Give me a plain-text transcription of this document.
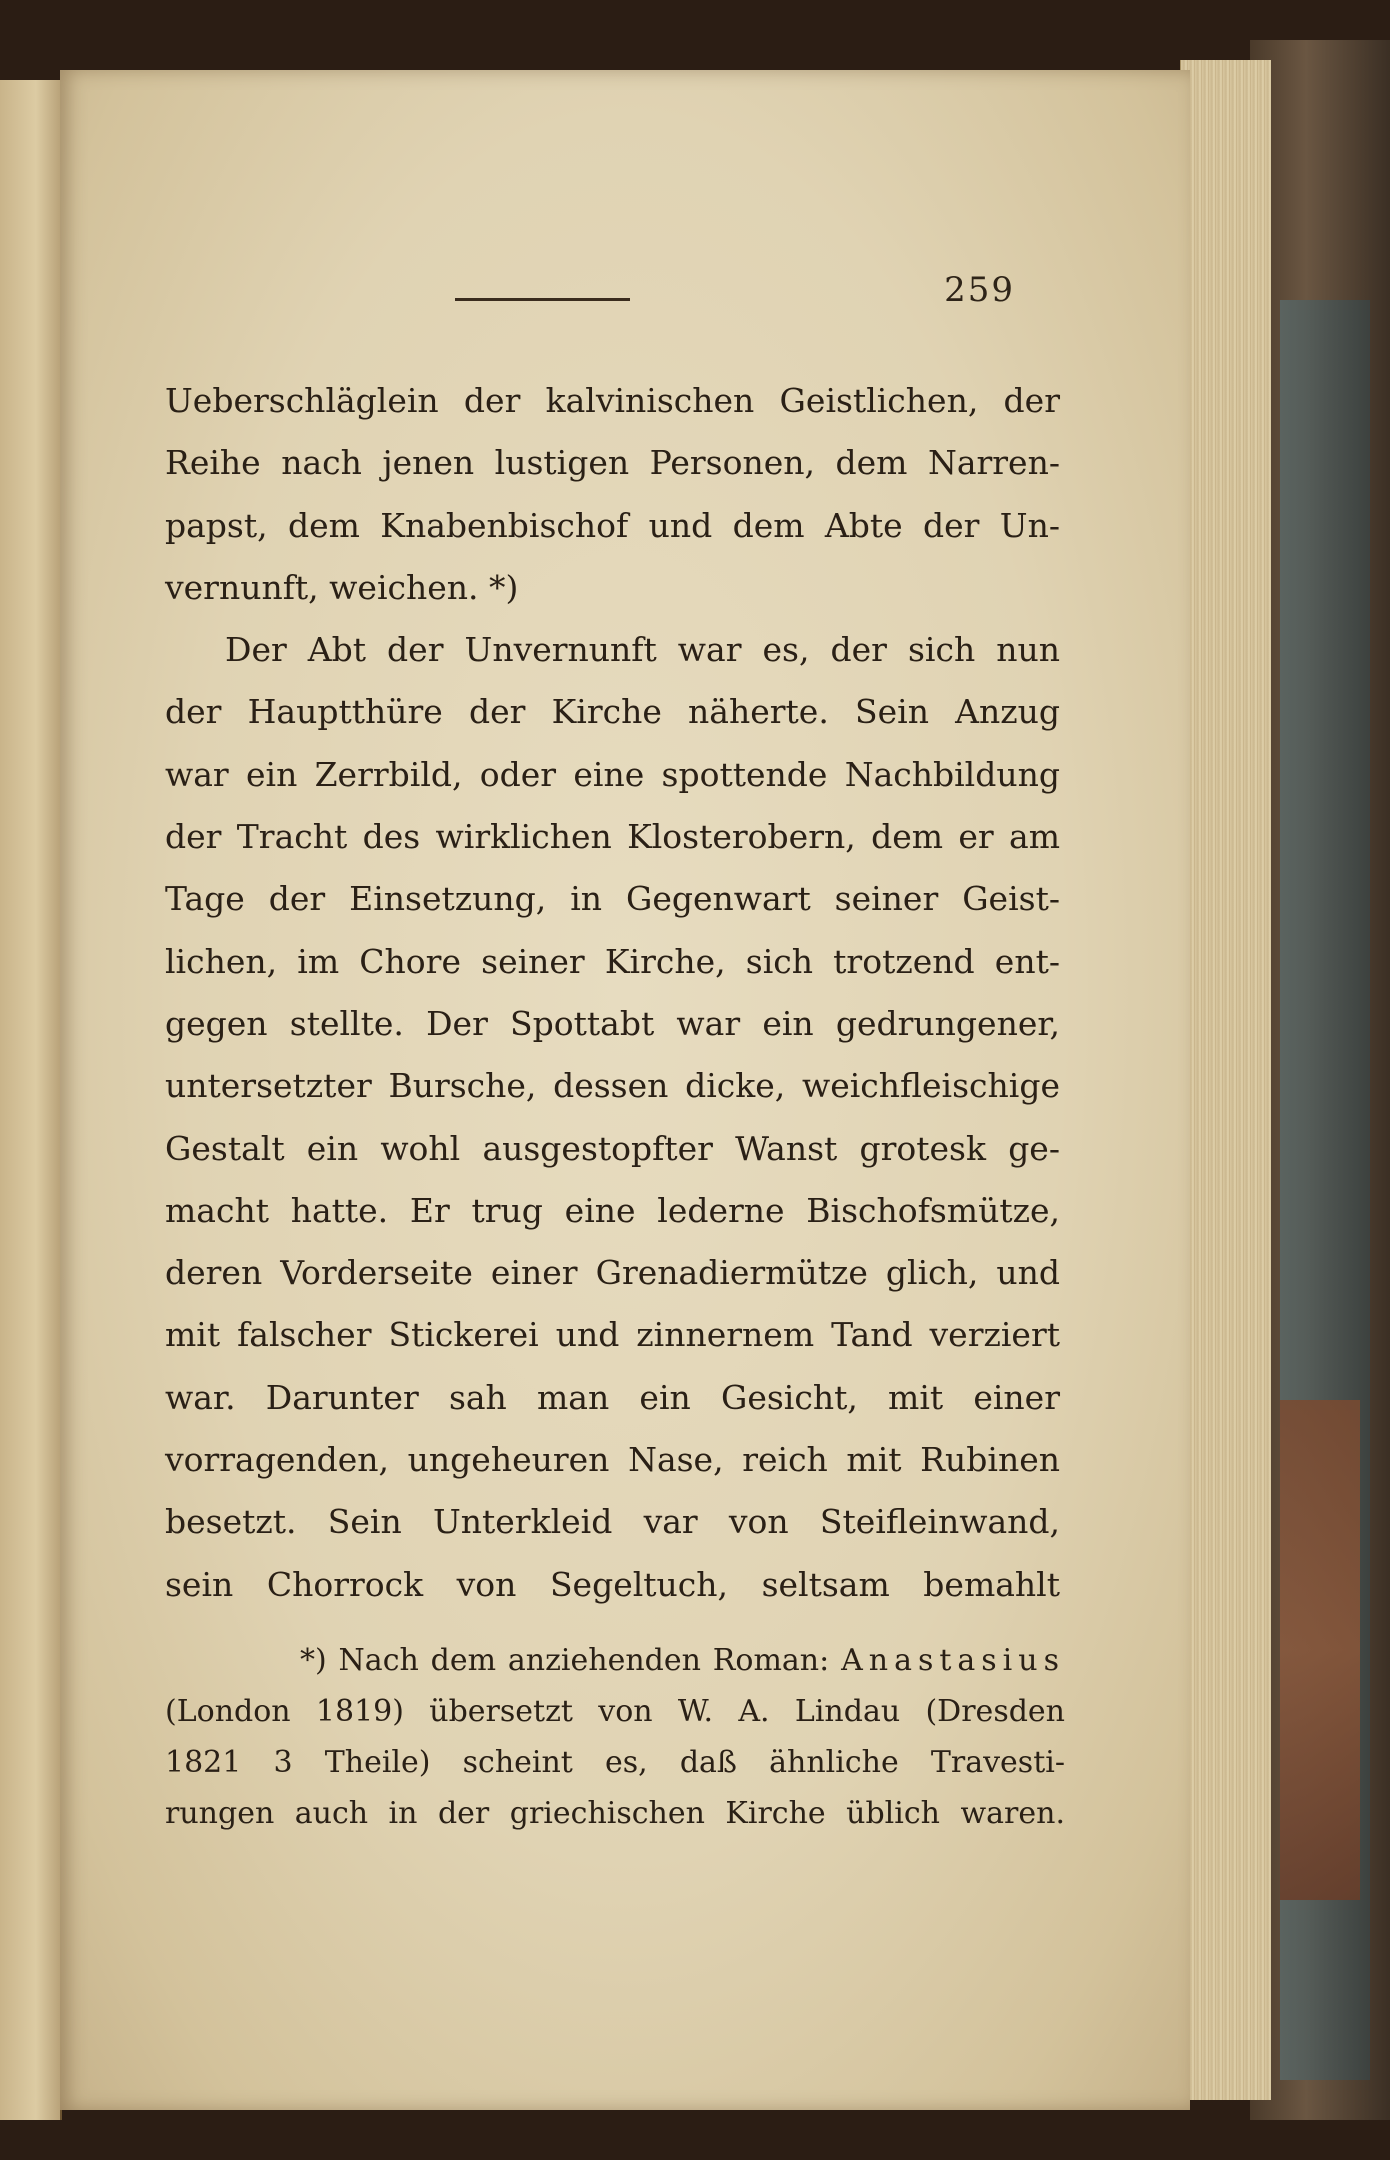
259
Ueberschläglein der kalvinischen Geistlichen, der
Reihe nach jenen lustigen Personen, dem Narren-
papst, dem Knabenbischof und dem Abte der Un-
vernunft, weichen. *)
Der Abt der Unvernunft war es, der sich nun
der Hauptthüre der Kirche näherte. Sein Anzug
war ein Zerrbild, oder eine spottende Nachbildung
der Tracht des wirklichen Klosterobern, dem er am
Tage der Einsetzung, in Gegenwart seiner Geist-
lichen, im Chore seiner Kirche, sich trotzend ent-
gegen stellte. Der Spottabt war ein gedrungener,
untersetzter Bursche, dessen dicke, weichfleischige
Gestalt ein wohl ausgestopfter Wanst grotesk ge-
macht hatte. Er trug eine lederne Bischofsmütze,
deren Vorderseite einer Grenadiermütze glich, und
mit falscher Stickerei und zinnernem Tand verziert
war. Darunter sah man ein Gesicht, mit einer
vorragenden, ungeheuren Nase, reich mit Rubinen
besetzt. Sein Unterkleid var von Steifleinwand,
sein Chorrock von Segeltuch, seltsam bemahlt
*) Nach dem anziehenden Roman: Anastasius
(London 1819) übersetzt von W. A. Lindau (Dresden
1821 3 Theile) scheint es, daß ähnliche Travesti-
rungen auch in der griechischen Kirche üblich waren.
